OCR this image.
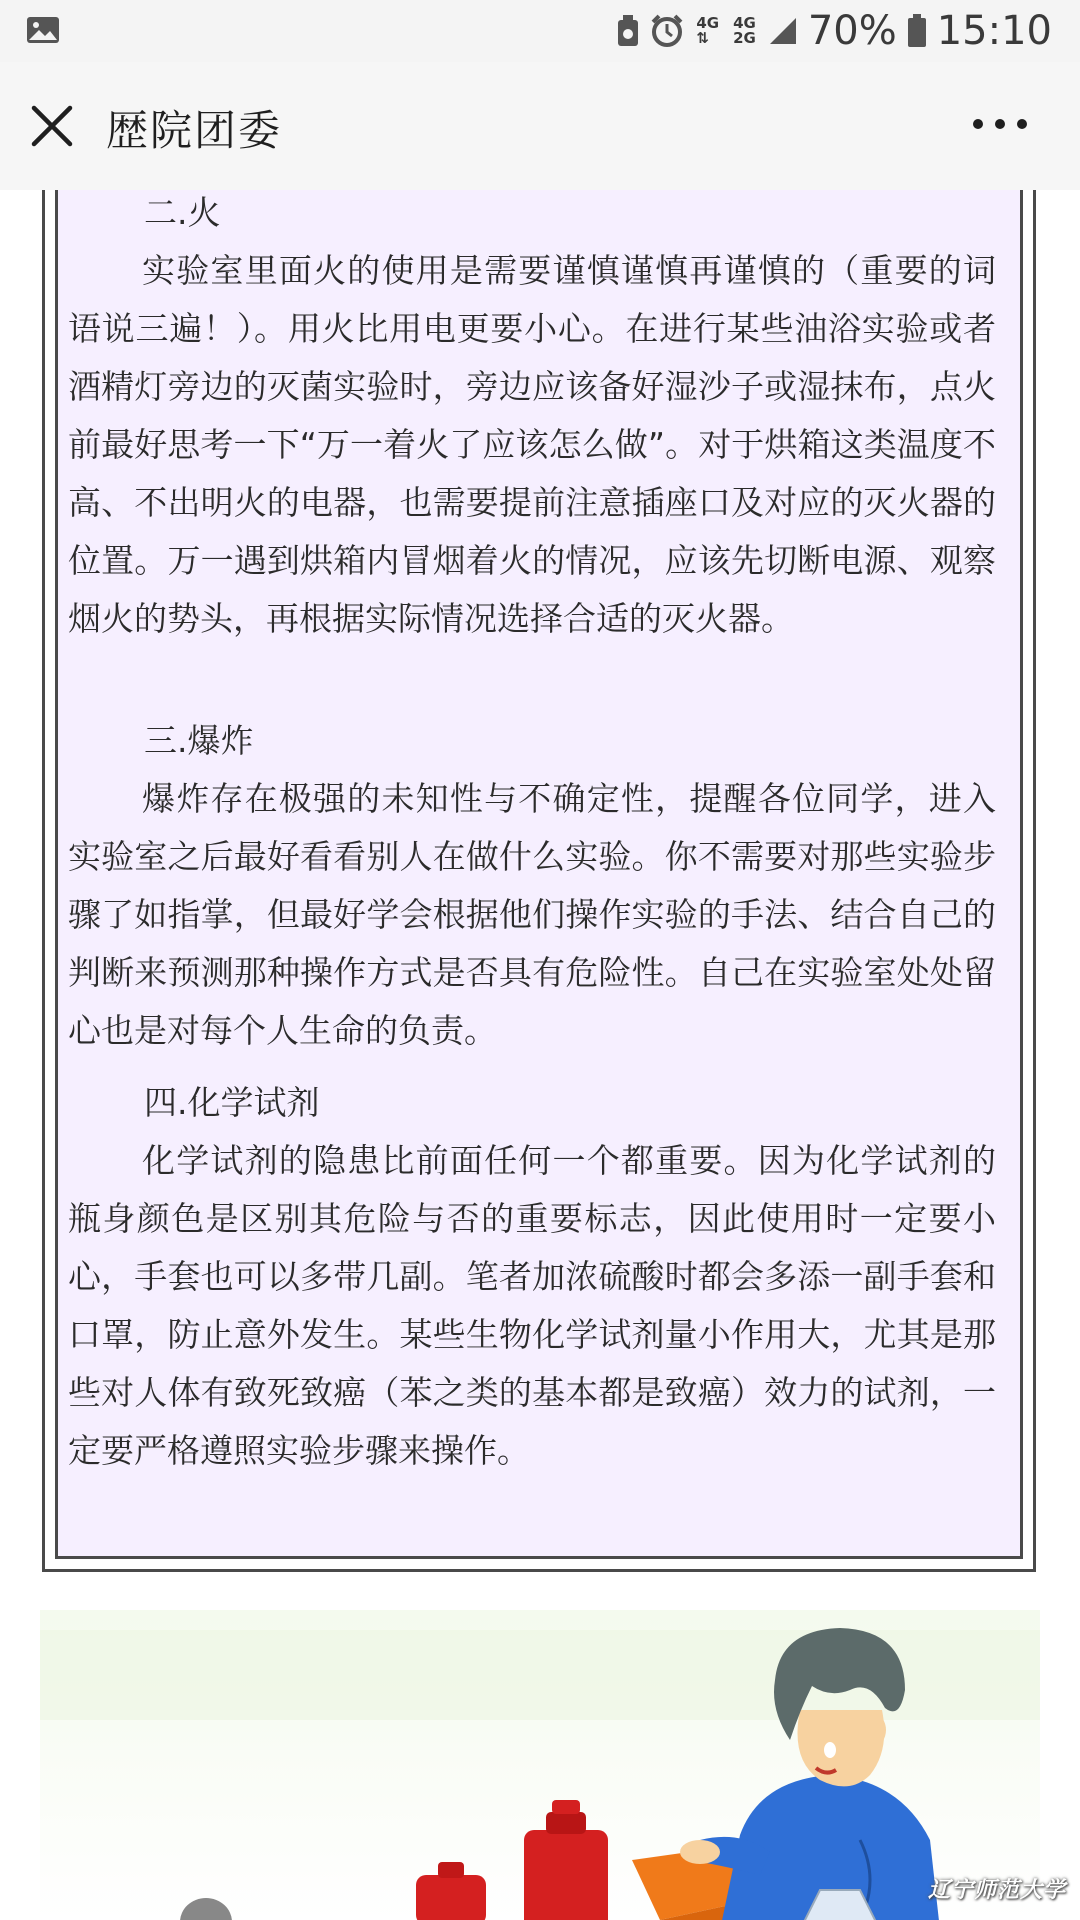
4G
⇅
4G
2G 70% 15:10
歴院团委
二.火
实验室里面火的使用是需要谨慎谨慎再谨慎的（重要的词语说三遍！）。用火比用电更要小心。在进行某些油浴实验或者酒精灯旁边的灭菌实验时，旁边应该备好湿沙子或湿抹布，点火前最好思考一下“万一着火了应该怎么做”。对于烘箱这类温度不高、不出明火的电器，也需要提前注意插座口及对应的灭火器的位置。万一遇到烘箱内冒烟着火的情况，应该先切断电源、观察烟火的势头，再根据实际情况选择合适的灭火器。
三.爆炸
爆炸存在极强的未知性与不确定性，提醒各位同学，进入实验室之后最好看看别人在做什么实验。你不需要对那些实验步骤了如指掌，但最好学会根据他们操作实验的手法、结合自己的判断来预测那种操作方式是否具有危险性。自己在实验室处处留心也是对每个人生命的负责。
四.化学试剂
化学试剂的隐患比前面任何一个都重要。因为化学试剂的瓶身颜色是区别其危险与否的重要标志，因此使用时一定要小心，手套也可以多带几副。笔者加浓硫酸时都会多添一副手套和口罩，防止意外发生。某些生物化学试剂量小作用大，尤其是那些对人体有致死致癌（苯之类的基本都是致癌）效力的试剂，一定要严格遵照实验步骤来操作。
辽宁师范大学
